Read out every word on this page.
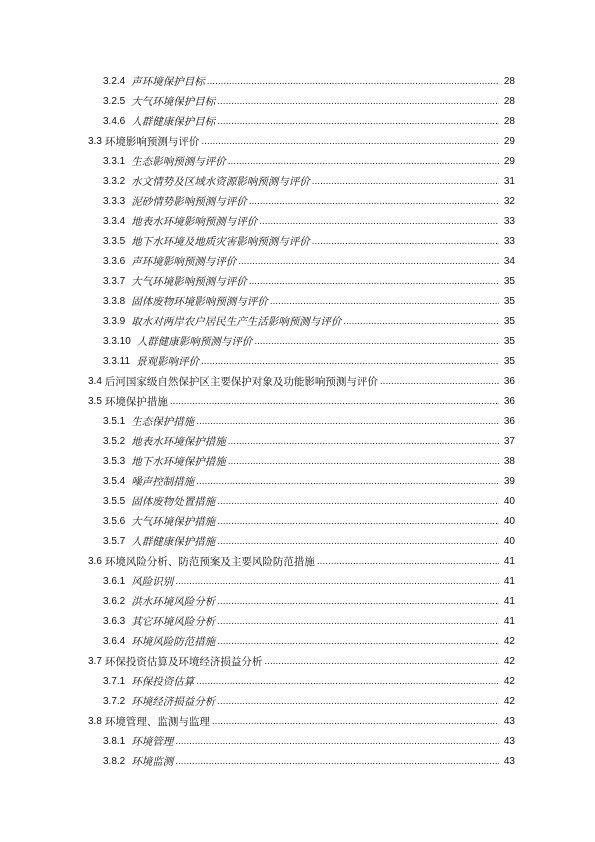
3.2.4 声环境保护目标 .....	28
3.2.5 大气环境保护目标 .....	28
3.4.6 人群健康保护目标 .....	28
3.3 环境影响预测与评价 .....	29
3.3.1 生态影响预测与评价 .....	29
3.3.2 水文情势及区域水资源影响预测与评价 .....	31
3.3.3 泥砂情势影响预测与评价 .....	32
3.3.4 地表水环境影响预测与评价 .....	33
3.3.5 地下水环境及地质灾害影响预测与评价 .....	33
3.3.6 声环境影响预测与评价 .....	34
3.3.7 大气环境影响预测与评价 .....	35
3.3.8 固体废物环境影响预测与评价 .....	35
3.3.9 取水对两岸农户居民生产生活影响预测与评价 .....	35
3.3.10 人群健康影响预测与评价 .....	35
3.3.11 景观影响评价 .....	35
3.4 后河国家级自然保护区主要保护对象及功能影响预测与评价 .....	36
3.5 环境保护措施 .....	36
3.5.1 生态保护措施 .....	36
3.5.2 地表水环境保护措施 .....	37
3.5.3 地下水环境保护措施 .....	38
3.5.4 噪声控制措施 .....	39
3.5.5 固体废物处置措施 .....	40
3.5.6 大气环境保护措施 .....	40
3.5.7 人群健康保护措施 .....	40
3.6 环境风险分析、防范预案及主要风险防范措施 .....	41
3.6.1 风险识别 .....	41
3.6.2 洪水环境风险分析 .....	41
3.6.3 其它环境风险分析 .....	41
3.6.4 环境风险防范措施 .....	42
3.7 环保投资估算及环境经济损益分析 .....	42
3.7.1 环保投资估算 .....	42
3.7.2 环境经济损益分析 .....	42
3.8 环境管理、监测与监理 .....	43
3.8.1 环境管理 .....	43
3.8.2 环境监测 .....	43
